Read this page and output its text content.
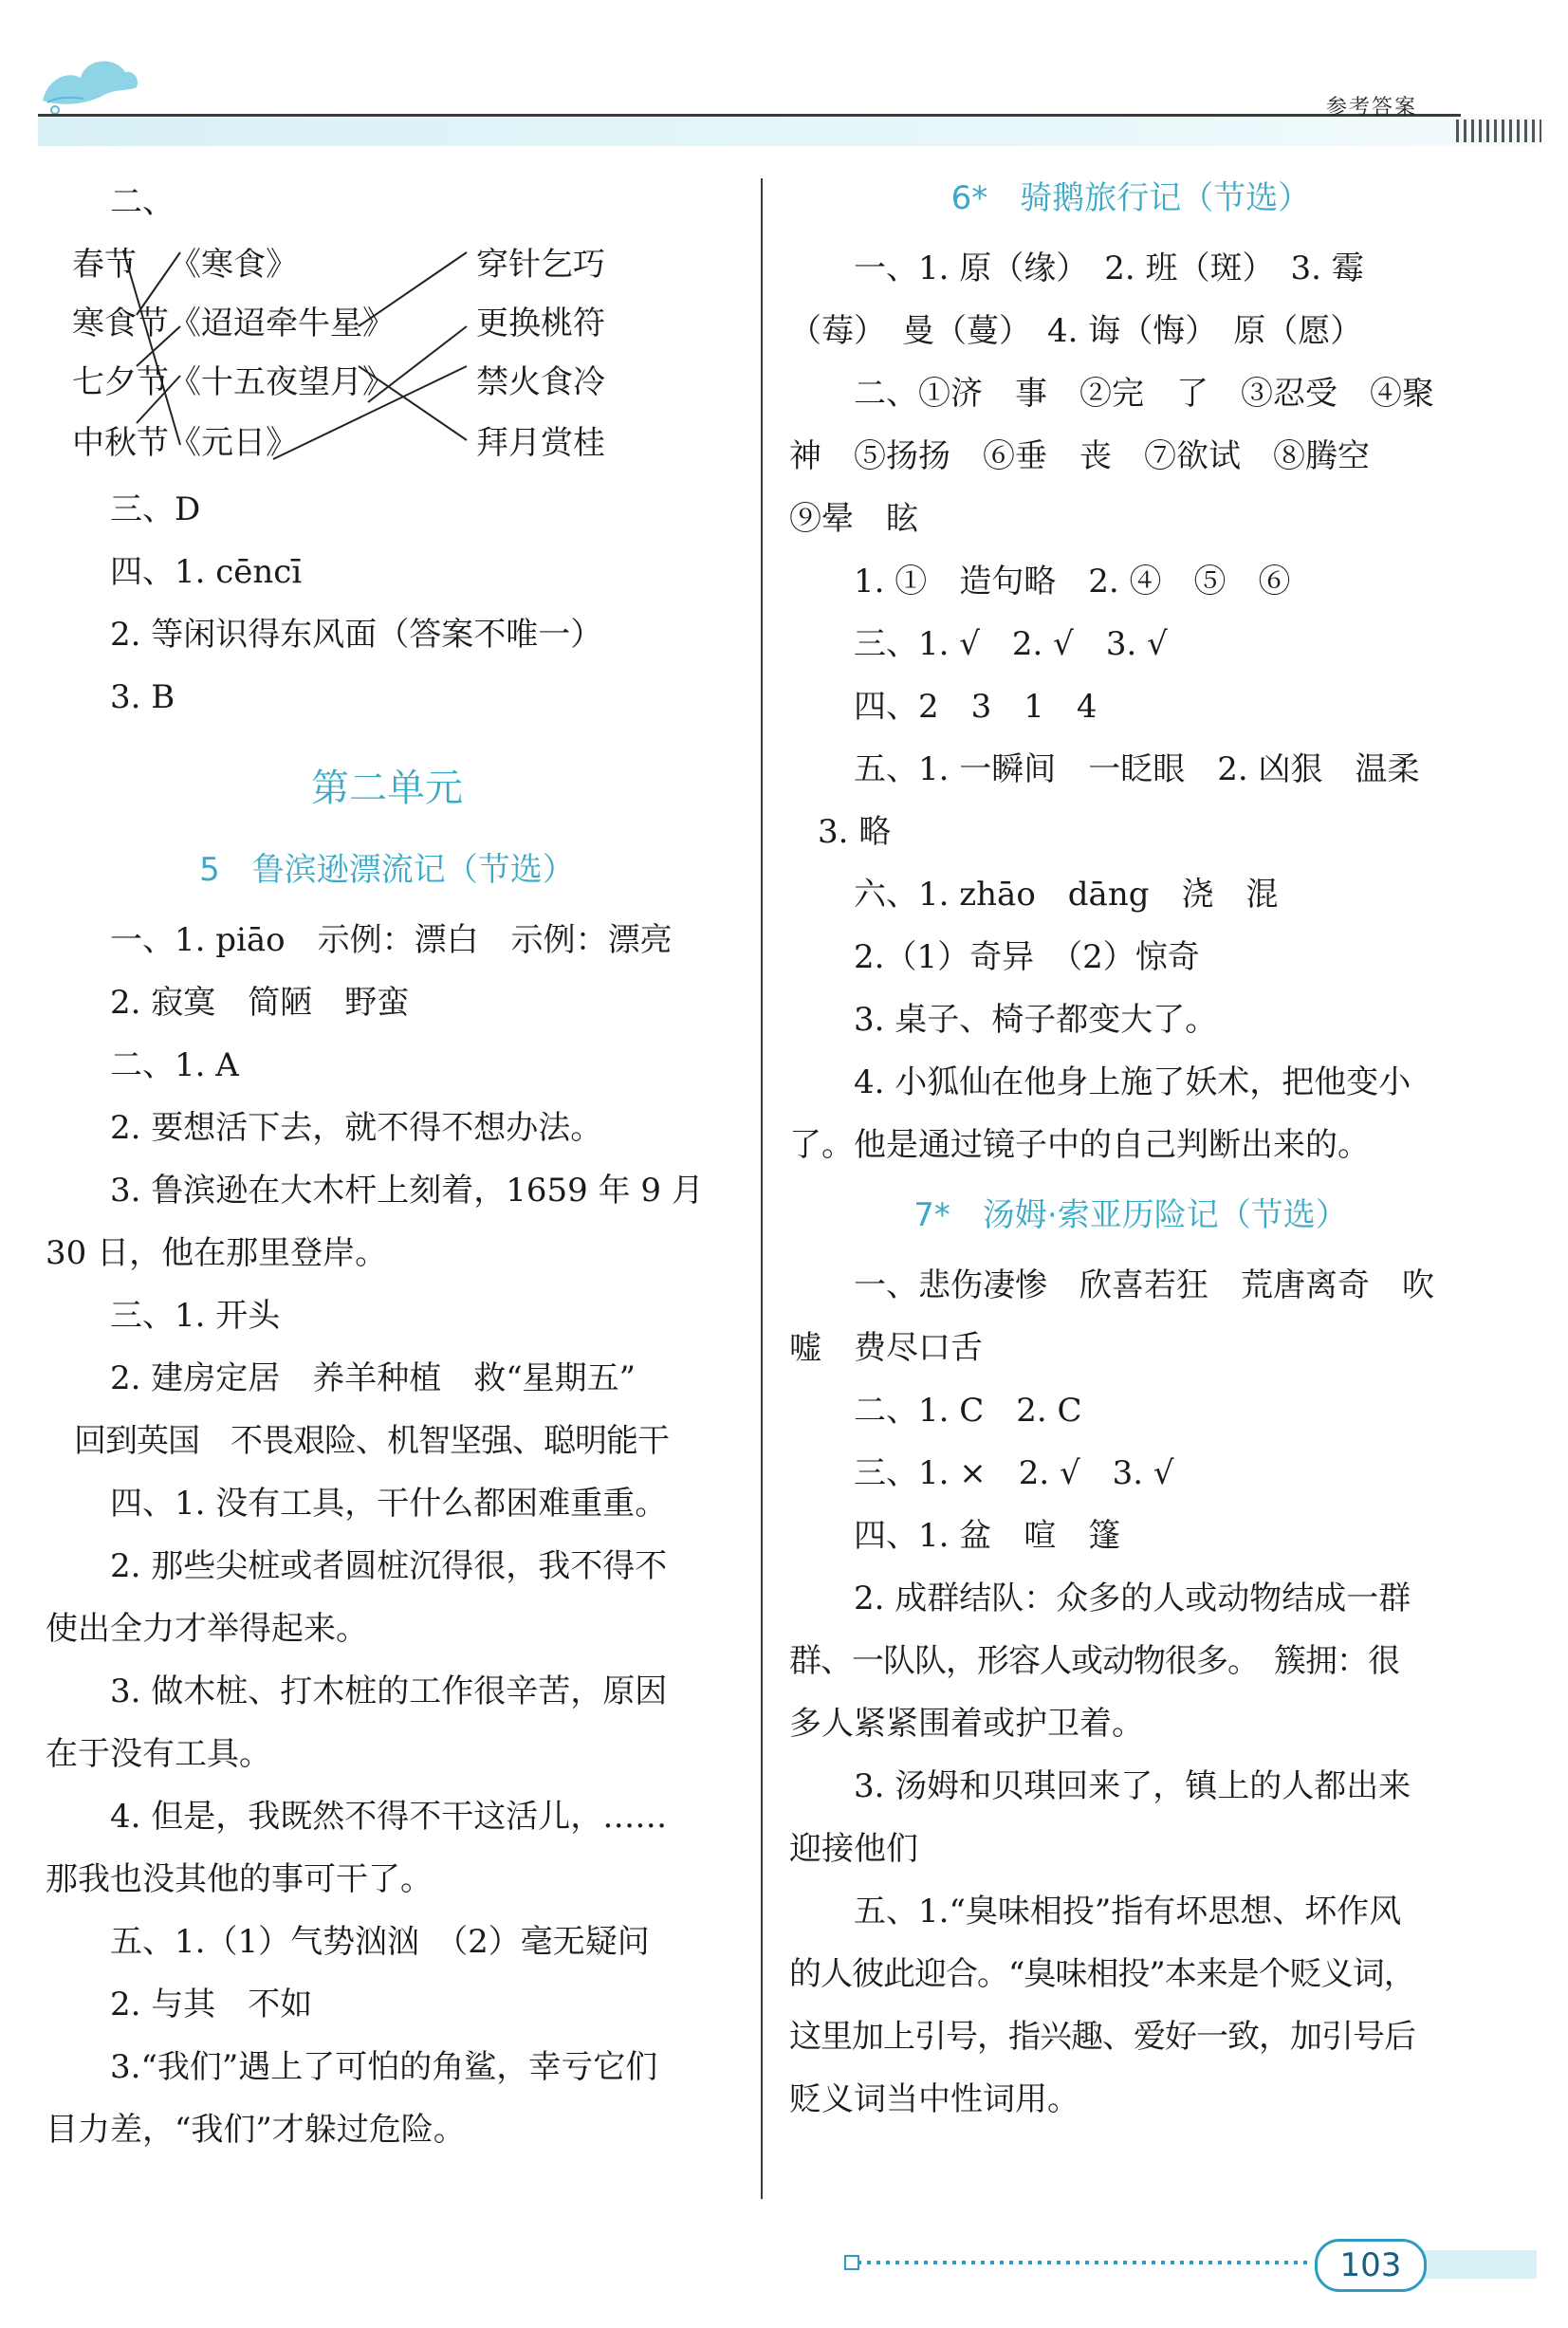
参考答案

二、

春节
寒食节
七夕节
中秋节
《寒食》
《迢迢牵牛星》
《十五夜望月》
《元日》
穿针乞巧
更换桃符
禁火食冷
拜月赏桂

三、D

四、1. cēncī

2. 等闲识得东风面（答案不唯一）

3. B

第二单元
5　鲁滨逊漂流记（节选）

一、1. piāo　示例：漂白　示例：漂亮

2. 寂寞　简陋　野蛮

二、1. A

2. 要想活下去，就不得不想办法。

3. 鲁滨逊在大木杆上刻着，1659 年 9 月

30 日，他在那里登岸。

三、1. 开头

2. 建房定居　养羊种植　救“星期五”

回到英国　不畏艰险、机智坚强、聪明能干

四、1. 没有工具，干什么都困难重重。

2. 那些尖桩或者圆桩沉得很，我不得不

使出全力才举得起来。

3. 做木桩、打木桩的工作很辛苦，原因

在于没有工具。

4. 但是，我既然不得不干这活儿，……

那我也没其他的事可干了。

五、1.（1）气势汹汹　（2）毫无疑问

2. 与其　不如

3.“我们”遇上了可怕的角鲨，幸亏它们

目力差，“我们”才躲过危险。

6*　骑鹅旅行记（节选）

一、1. 原（缘）　2. 班（斑）　3. 霉

（莓）　曼（蔓）　4. 诲（悔）　原（愿）

二、①济　事　②完　了　③忍受　④聚

神　⑤扬扬　⑥垂　丧　⑦欲试　⑧腾空

⑨晕　眩

1. ①　造句略　2. ④　⑤　⑥

三、1. √　2. √　3. √

四、2　3　1　4

五、1. 一瞬间　一眨眼　2. 凶狠　温柔

3. 略

六、1. zhāo　dāng　浇　混

2.（1）奇异　（2）惊奇

3. 桌子、椅子都变大了。

4. 小狐仙在他身上施了妖术，把他变小

了。他是通过镜子中的自己判断出来的。

7*　汤姆·索亚历险记（节选）

一、悲伤凄惨　欣喜若狂　荒唐离奇　吹

嘘　费尽口舌

二、1. C　2. C

三、1. ×　2. √　3. √

四、1. 盆　喧　篷

2. 成群结队：众多的人或动物结成一群

群、一队队，形容人或动物很多。　簇拥：很

多人紧紧围着或护卫着。

3. 汤姆和贝琪回来了，镇上的人都出来

迎接他们

五、1.“臭味相投”指有坏思想、坏作风

的人彼此迎合。“臭味相投”本来是个贬义词，

这里加上引号，指兴趣、爱好一致，加引号后

贬义词当中性词用。

103
